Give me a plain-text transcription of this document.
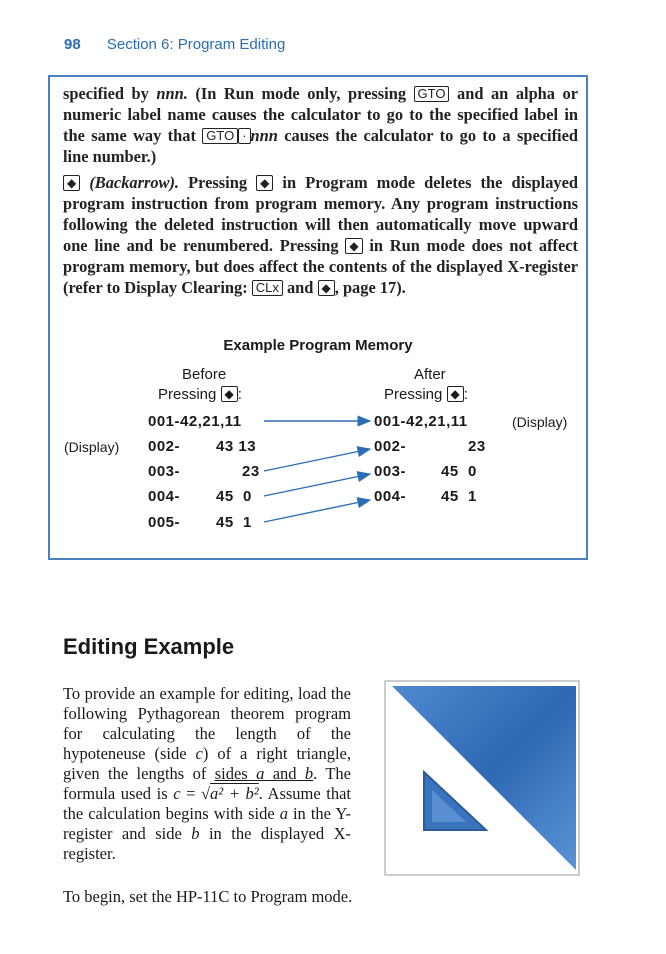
98 Section 6: Program Editing
specified by nnn. (In Run mode only, pressing GTO and an alpha or numeric label name causes the calculator to go to the specified label in the same way that GTO · nnn causes the calculator to go to a specified line number.)
◆ (Backarrow). Pressing ◆ in Program mode deletes the displayed program instruction from program memory. Any program instructions following the deleted instruction will then automatically move upward one line and be renumbered. Pressing ◆ in Run mode does not affect program memory, but does affect the contents of the displayed X-register (refer to Display Clearing: CLx and ◆ , page 17).
Example Program Memory
Before
Pressing ◆ :
After
Pressing ◆ :
001-42,21,11
002- 43 13
003-	23
004- 45  0
005- 45  1
001-42,21,11
002-	23
003- 45  0
004- 45  1
(Display)
(Display)
Editing Example
To provide an example for editing, load the following Pythagorean theorem program for calculating the length of the hypoteneuse (side c) of a right triangle, given the lengths of sides a and b. The formula used is c = √a² + b². Assume that the calculation begins with side a in the Y-register and side b in the displayed X-register.
To begin, set the HP-11C to Program mode.
